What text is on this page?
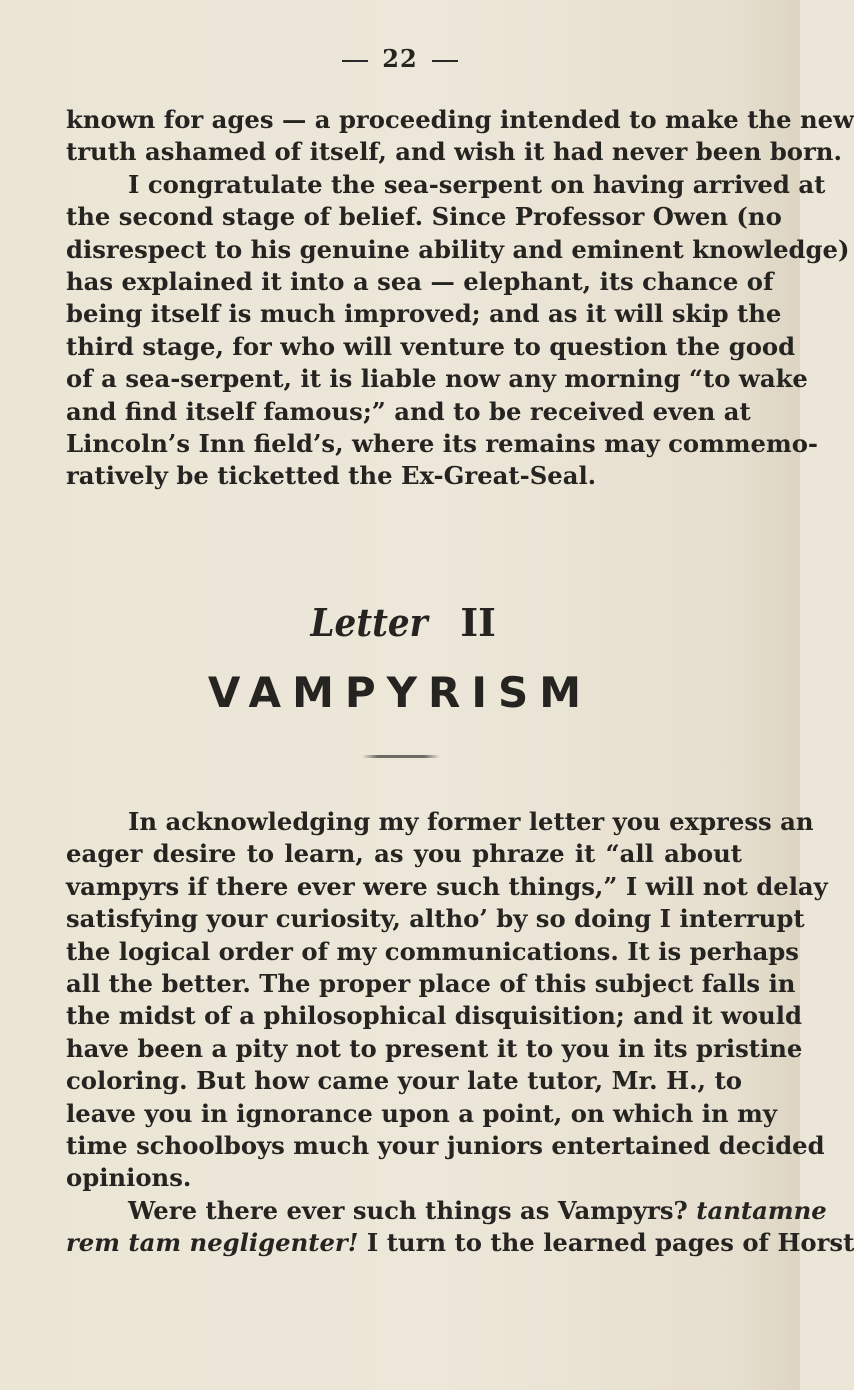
22
known for ages — a proceeding intended to make the new
truth ashamed of itself, and wish it had never been born.
I congratulate the sea-serpent on having arrived at
the second stage of belief. Since Professor Owen (no
disrespect to his genuine ability and eminent knowledge)
has explained it into a sea — elephant, its chance of
being itself is much improved; and as it will skip the
third stage, for who will venture to question the good
of a sea-serpent, it is liable now any morning “to wake
and find itself famous;” and to be received even at
Lincoln’s Inn field’s, where its remains may commemo-
ratively be ticketted the Ex-Great-Seal.
Letter II
VAMPYRISM
In acknowledging my former letter you express an
eager desire to learn, as you phraze it “all about
vampyrs if there ever were such things,” I will not delay
satisfying your curiosity, altho’ by so doing I interrupt
the logical order of my communications. It is perhaps
all the better. The proper place of this subject falls in
the midst of a philosophical disquisition; and it would
have been a pity not to present it to you in its pristine
coloring. But how came your late tutor, Mr. H., to
leave you in ignorance upon a point, on which in my
time schoolboys much your juniors entertained decided
opinions.
Were there ever such things as Vampyrs? tantamne
rem tam negligenter! I turn to the learned pages of Horst
